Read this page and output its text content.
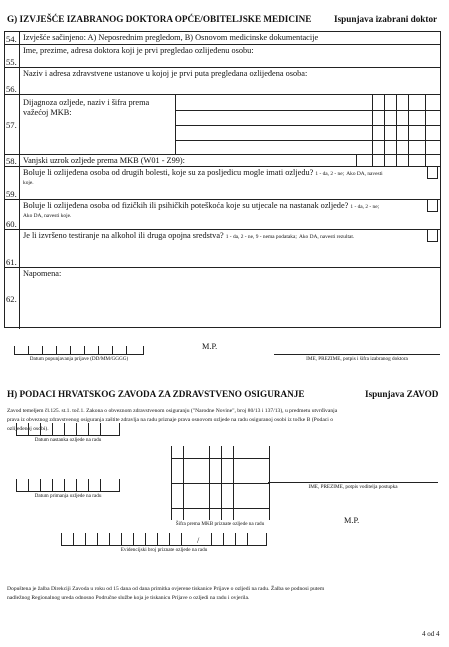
G) IZVJEŠĆE IZABRANOG DOKTORA OPĆE/OBITELJSKE MEDICINE Ispunjava izabrani doktor
54. Izvješće sačinjeno: A) Neposrednim pregledom, B) Osnovom medicinske dokumentacije
55.
Ime, prezime, adresa doktora koji je prvi pregledao ozlijeđenu osobu:
56.
Naziv i adresa zdravstvene ustanove u kojoj je prvi puta pregledana ozlijeđena osoba:
57.
Dijagnoza ozljede, naziv i šifra prema
važećoj MKB:
58. Vanjski uzrok ozljede prema MKB (W01 - Z99):
59.
Boluje li ozlijeđena osoba od drugih bolesti, koje su za posljedicu mogle imati ozljedu? 1 - da, 2 - ne; Ako DA, navesti
koje.
60.
Boluje li ozlijeđena osoba od fizičkih ili psihičkih poteškoća koje su utjecale na nastanak ozljede? 1 - da, 2 - ne;
Ako DA, navesti koje.
61.
Je li izvršeno testiranje na alkohol ili druga opojna sredstva? 1 - da, 2 - ne, 9 - nema podataka; Ako DA, navesti rezultat.
62.
Napomena:
Datum popunjavanja prijave (DD/MM/GGGG)
M.P.
IME, PREZIME, potpis i šifra izabranog doktora
H) PODACI HRVATSKOG ZAVODA ZA ZDRAVSTVENO OSIGURANJE	Ispunjava ZAVOD
Zavod temeljem čl.125. st.1. toč.1. Zakona o obveznom zdravstvenom osiguranju ("Narodne Novine", broj 80/13 i 137/13), u predmetu utvrđivanja
prava iz obveznog zdravstvenog osiguranja zaštite zdravlja na radu priznaje prava osnovom ozljede na radu osiguranoj osobi iz točke B (Podaci o
ozlijeđenoj osobi).
Datum nastanka ozljede na radu
Datum primanja ozljede na radu
Šifra prema MKB priznate ozljede na radu
IME, PREZIME, potpis voditelja postupka
M.P.
/
Evidencijski broj priznate ozljede na radu
Dopuštena je žalba Direkciji Zavoda u roku od 15 dana od dana primitka ovjerene tiskanice Prijave o ozljedi na radu. Žalba se podnosi putem
nadležnog Regionalnog ureda odnosno Područne službe koja je tiskanicu Prijave o ozljedi na radu i ovjerila.
4 od 4
